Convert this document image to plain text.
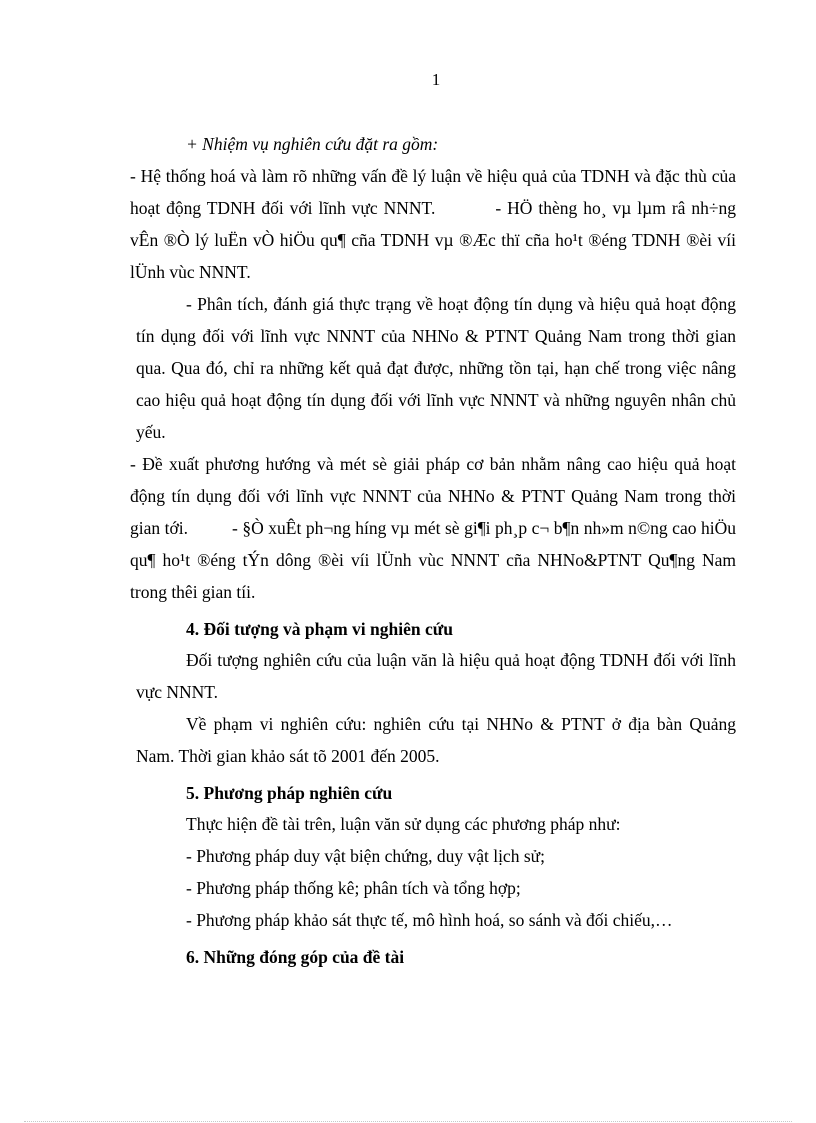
1

+ Nhiệm vụ nghiên cứu đặt ra gồm:

- Hệ thống hoá và làm rõ những vấn đề lý luận về hiệu quả của TDNH và đặc thù của hoạt động TDNH đối với lĩnh vực NNNT.	- HÖ thèng ho¸ vµ lµm râ nh÷ng vÊn ®Ò lý luËn vÒ hiÖu qu¶ cña TDNH vµ ®Æc thï cña ho¹t ®éng TDNH ®èi víi lÜnh vùc NNNT.

- Phân tích, đánh giá thực trạng về hoạt động tín dụng và hiệu quả hoạt động tín dụng đối với lĩnh vực NNNT của NHNo & PTNT Quảng Nam trong thời gian qua. Qua đó, chỉ ra những kết quả đạt được, những tồn tại, hạn chế trong việc nâng cao hiệu quả hoạt động tín dụng đối với lĩnh vực NNNT và những nguyên nhân chủ yếu.

- Đề xuất phương hướng và mét sè giải pháp cơ bản nhằm nâng cao hiệu quả hoạt động tín dụng đối với lĩnh vực NNNT của NHNo & PTNT Quảng Nam trong thời gian tới.	- §Ò xuÊt ph¬ng híng vµ mét sè gi¶i ph¸p c¬ b¶n nh»m n©ng cao hiÖu qu¶ ho¹t ®éng tÝn dông ®èi víi lÜnh vùc NNNT cña NHNo&PTNT Qu¶ng Nam trong thêi gian tíi.

4. Đối tượng và phạm vi nghiên cứu

Đối tượng nghiên cứu của luận văn là hiệu quả hoạt động TDNH đối với lĩnh vực NNNT.

Về phạm vi nghiên cứu: nghiên cứu tại NHNo & PTNT ở địa bàn Quảng Nam. Thời gian khảo sát tõ 2001 đến 2005.

5. Phương pháp nghiên cứu

Thực hiện đề tài trên, luận văn sử dụng các phương pháp như:

- Phương pháp duy vật biện chứng, duy vật lịch sử;

- Phương pháp thống kê; phân tích và tổng hợp;

- Phương pháp khảo sát thực tế, mô hình hoá, so sánh và đối chiếu,…

6. Những đóng góp của đề tài
